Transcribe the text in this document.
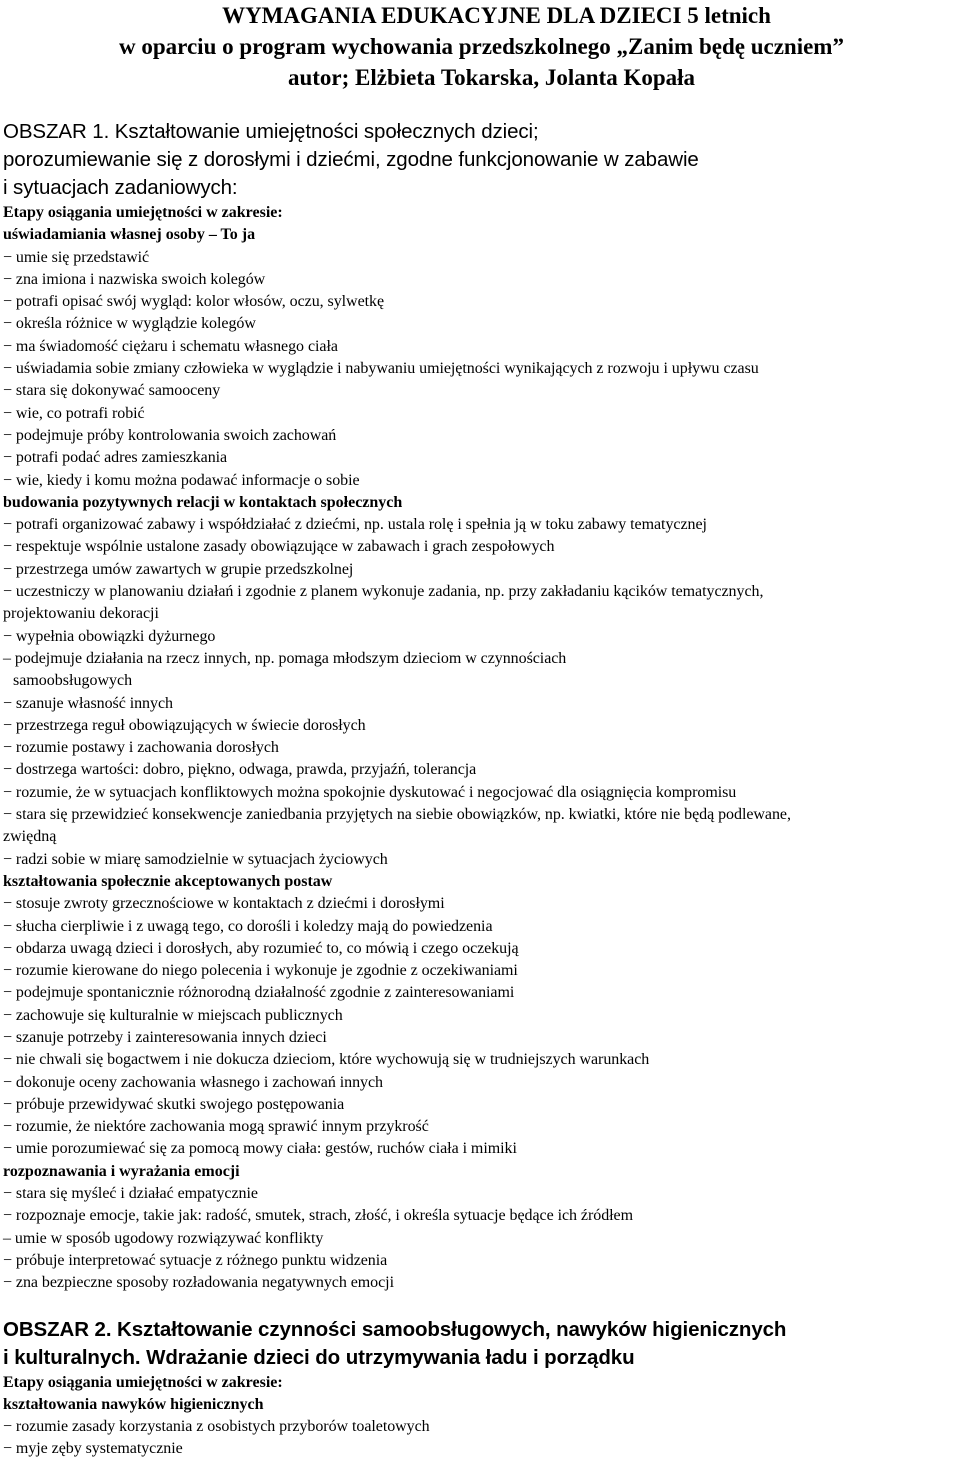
WYMAGANIA EDUKACYJNE DLA DZIECI 5 letnich
w oparciu o program wychowania przedszkolnego „Zanim będę uczniem”
autor; Elżbieta Tokarska, Jolanta Kopała
OBSZAR 1. Kształtowanie umiejętności społecznych dzieci;
porozumiewanie się z dorosłymi i dziećmi, zgodne funkcjonowanie w zabawie
i sytuacjach zadaniowych:
Etapy osiągania umiejętności w zakresie:
uświadamiania własnej osoby – To ja
− umie się przedstawić
− zna imiona i nazwiska swoich kolegów
− potrafi opisać swój wygląd: kolor włosów, oczu, sylwetkę
− określa różnice w wyglądzie kolegów
− ma świadomość ciężaru i schematu własnego ciała
− uświadamia sobie zmiany człowieka w wyglądzie i nabywaniu umiejętności wynikających z rozwoju i upływu czasu
− stara się dokonywać samooceny
− wie, co potrafi robić
− podejmuje próby kontrolowania swoich zachowań
− potrafi podać adres zamieszkania
− wie, kiedy i komu można podawać informacje o sobie
budowania pozytywnych relacji w kontaktach społecznych
− potrafi organizować zabawy i współdziałać z dziećmi, np. ustala rolę i spełnia ją w toku zabawy tematycznej
− respektuje wspólnie ustalone zasady obowiązujące w zabawach i grach zespołowych
− przestrzega umów zawartych w grupie przedszkolnej
− uczestniczy w planowaniu działań i zgodnie z planem wykonuje zadania, np. przy zakładaniu kącików tematycznych,
projektowaniu dekoracji
− wypełnia obowiązki dyżurnego
– podejmuje działania na rzecz innych, np. pomaga młodszym dzieciom w czynnościach
samoobsługowych
− szanuje własność innych
− przestrzega reguł obowiązujących w świecie dorosłych
− rozumie postawy i zachowania dorosłych
− dostrzega wartości: dobro, piękno, odwaga, prawda, przyjaźń, tolerancja
− rozumie, że w sytuacjach konfliktowych można spokojnie dyskutować i negocjować dla osiągnięcia kompromisu
− stara się przewidzieć konsekwencje zaniedbania przyjętych na siebie obowiązków, np. kwiatki, które nie będą podlewane,
zwiędną
− radzi sobie w miarę samodzielnie w sytuacjach życiowych
kształtowania społecznie akceptowanych postaw
− stosuje zwroty grzecznościowe w kontaktach z dziećmi i dorosłymi
− słucha cierpliwie i z uwagą tego, co dorośli i koledzy mają do powiedzenia
− obdarza uwagą dzieci i dorosłych, aby rozumieć to, co mówią i czego oczekują
− rozumie kierowane do niego polecenia i wykonuje je zgodnie z oczekiwaniami
− podejmuje spontanicznie różnorodną działalność zgodnie z zainteresowaniami
− zachowuje się kulturalnie w miejscach publicznych
− szanuje potrzeby i zainteresowania innych dzieci
− nie chwali się bogactwem i nie dokucza dzieciom, które wychowują się w trudniejszych warunkach
− dokonuje oceny zachowania własnego i zachowań innych
− próbuje przewidywać skutki swojego postępowania
− rozumie, że niektóre zachowania mogą sprawić innym przykrość
− umie porozumiewać się za pomocą mowy ciała: gestów, ruchów ciała i mimiki
rozpoznawania i wyrażania emocji
− stara się myśleć i działać empatycznie
− rozpoznaje emocje, takie jak: radość, smutek, strach, złość, i określa sytuacje będące ich źródłem
– umie w sposób ugodowy rozwiązywać konflikty
− próbuje interpretować sytuacje z różnego punktu widzenia
− zna bezpieczne sposoby rozładowania negatywnych emocji
OBSZAR 2. Kształtowanie czynności samoobsługowych, nawyków higienicznych
i kulturalnych. Wdrażanie dzieci do utrzymywania ładu i porządku
Etapy osiągania umiejętności w zakresie:
kształtowania nawyków higienicznych
− rozumie zasady korzystania z osobistych przyborów toaletowych
− myje zęby systematycznie
